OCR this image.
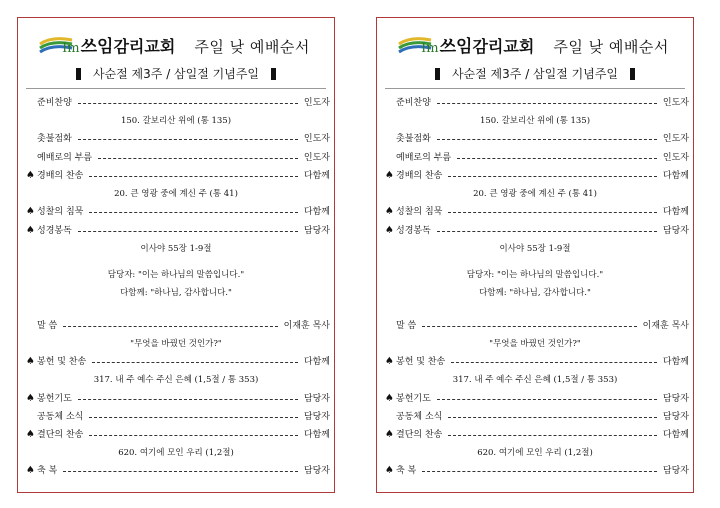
Im 쓰임 감리교회 주일 낮 예배순서
사순절 제3주 / 삼일절 기념주일
준비찬양	인도자
150. 갈보리산 위에 (통 135)
촛불점화	인도자
예배로의 부름	인도자
♠ 경배의 찬송	다함께
20. 큰 영광 중에 계신 주 (통 41)
♠ 성찰의 침묵	다함께
♠ 성경봉독	담당자
이사야 55장 1-9절
담당자: "이는 하나님의 말씀입니다."
다함께: "하나님, 감사합니다."
말 씀	이재훈 목사
"무엇을 바꿨던 것인가?"
♠ 봉헌 및 찬송	다함께
317. 내 주 예수 주신 은혜 (1,5절 / 통 353)
♠ 봉헌기도	담당자
공동체 소식	담당자
♠ 결단의 찬송	다함께
620. 여기에 모인 우리 (1,2절)
♠ 축 복	담당자
Im 쓰임 감리교회 주일 낮 예배순서
사순절 제3주 / 삼일절 기념주일
준비찬양	인도자
150. 갈보리산 위에 (통 135)
촛불점화	인도자
예배로의 부름	인도자
♠ 경배의 찬송	다함께
20. 큰 영광 중에 계신 주 (통 41)
♠ 성찰의 침묵	다함께
♠ 성경봉독	담당자
이사야 55장 1-9절
담당자: "이는 하나님의 말씀입니다."
다함께: "하나님, 감사합니다."
말 씀	이재훈 목사
"무엇을 바꿨던 것인가?"
♠ 봉헌 및 찬송	다함께
317. 내 주 예수 주신 은혜 (1,5절 / 통 353)
♠ 봉헌기도	담당자
공동체 소식	담당자
♠ 결단의 찬송	다함께
620. 여기에 모인 우리 (1,2절)
♠ 축 복	담당자
